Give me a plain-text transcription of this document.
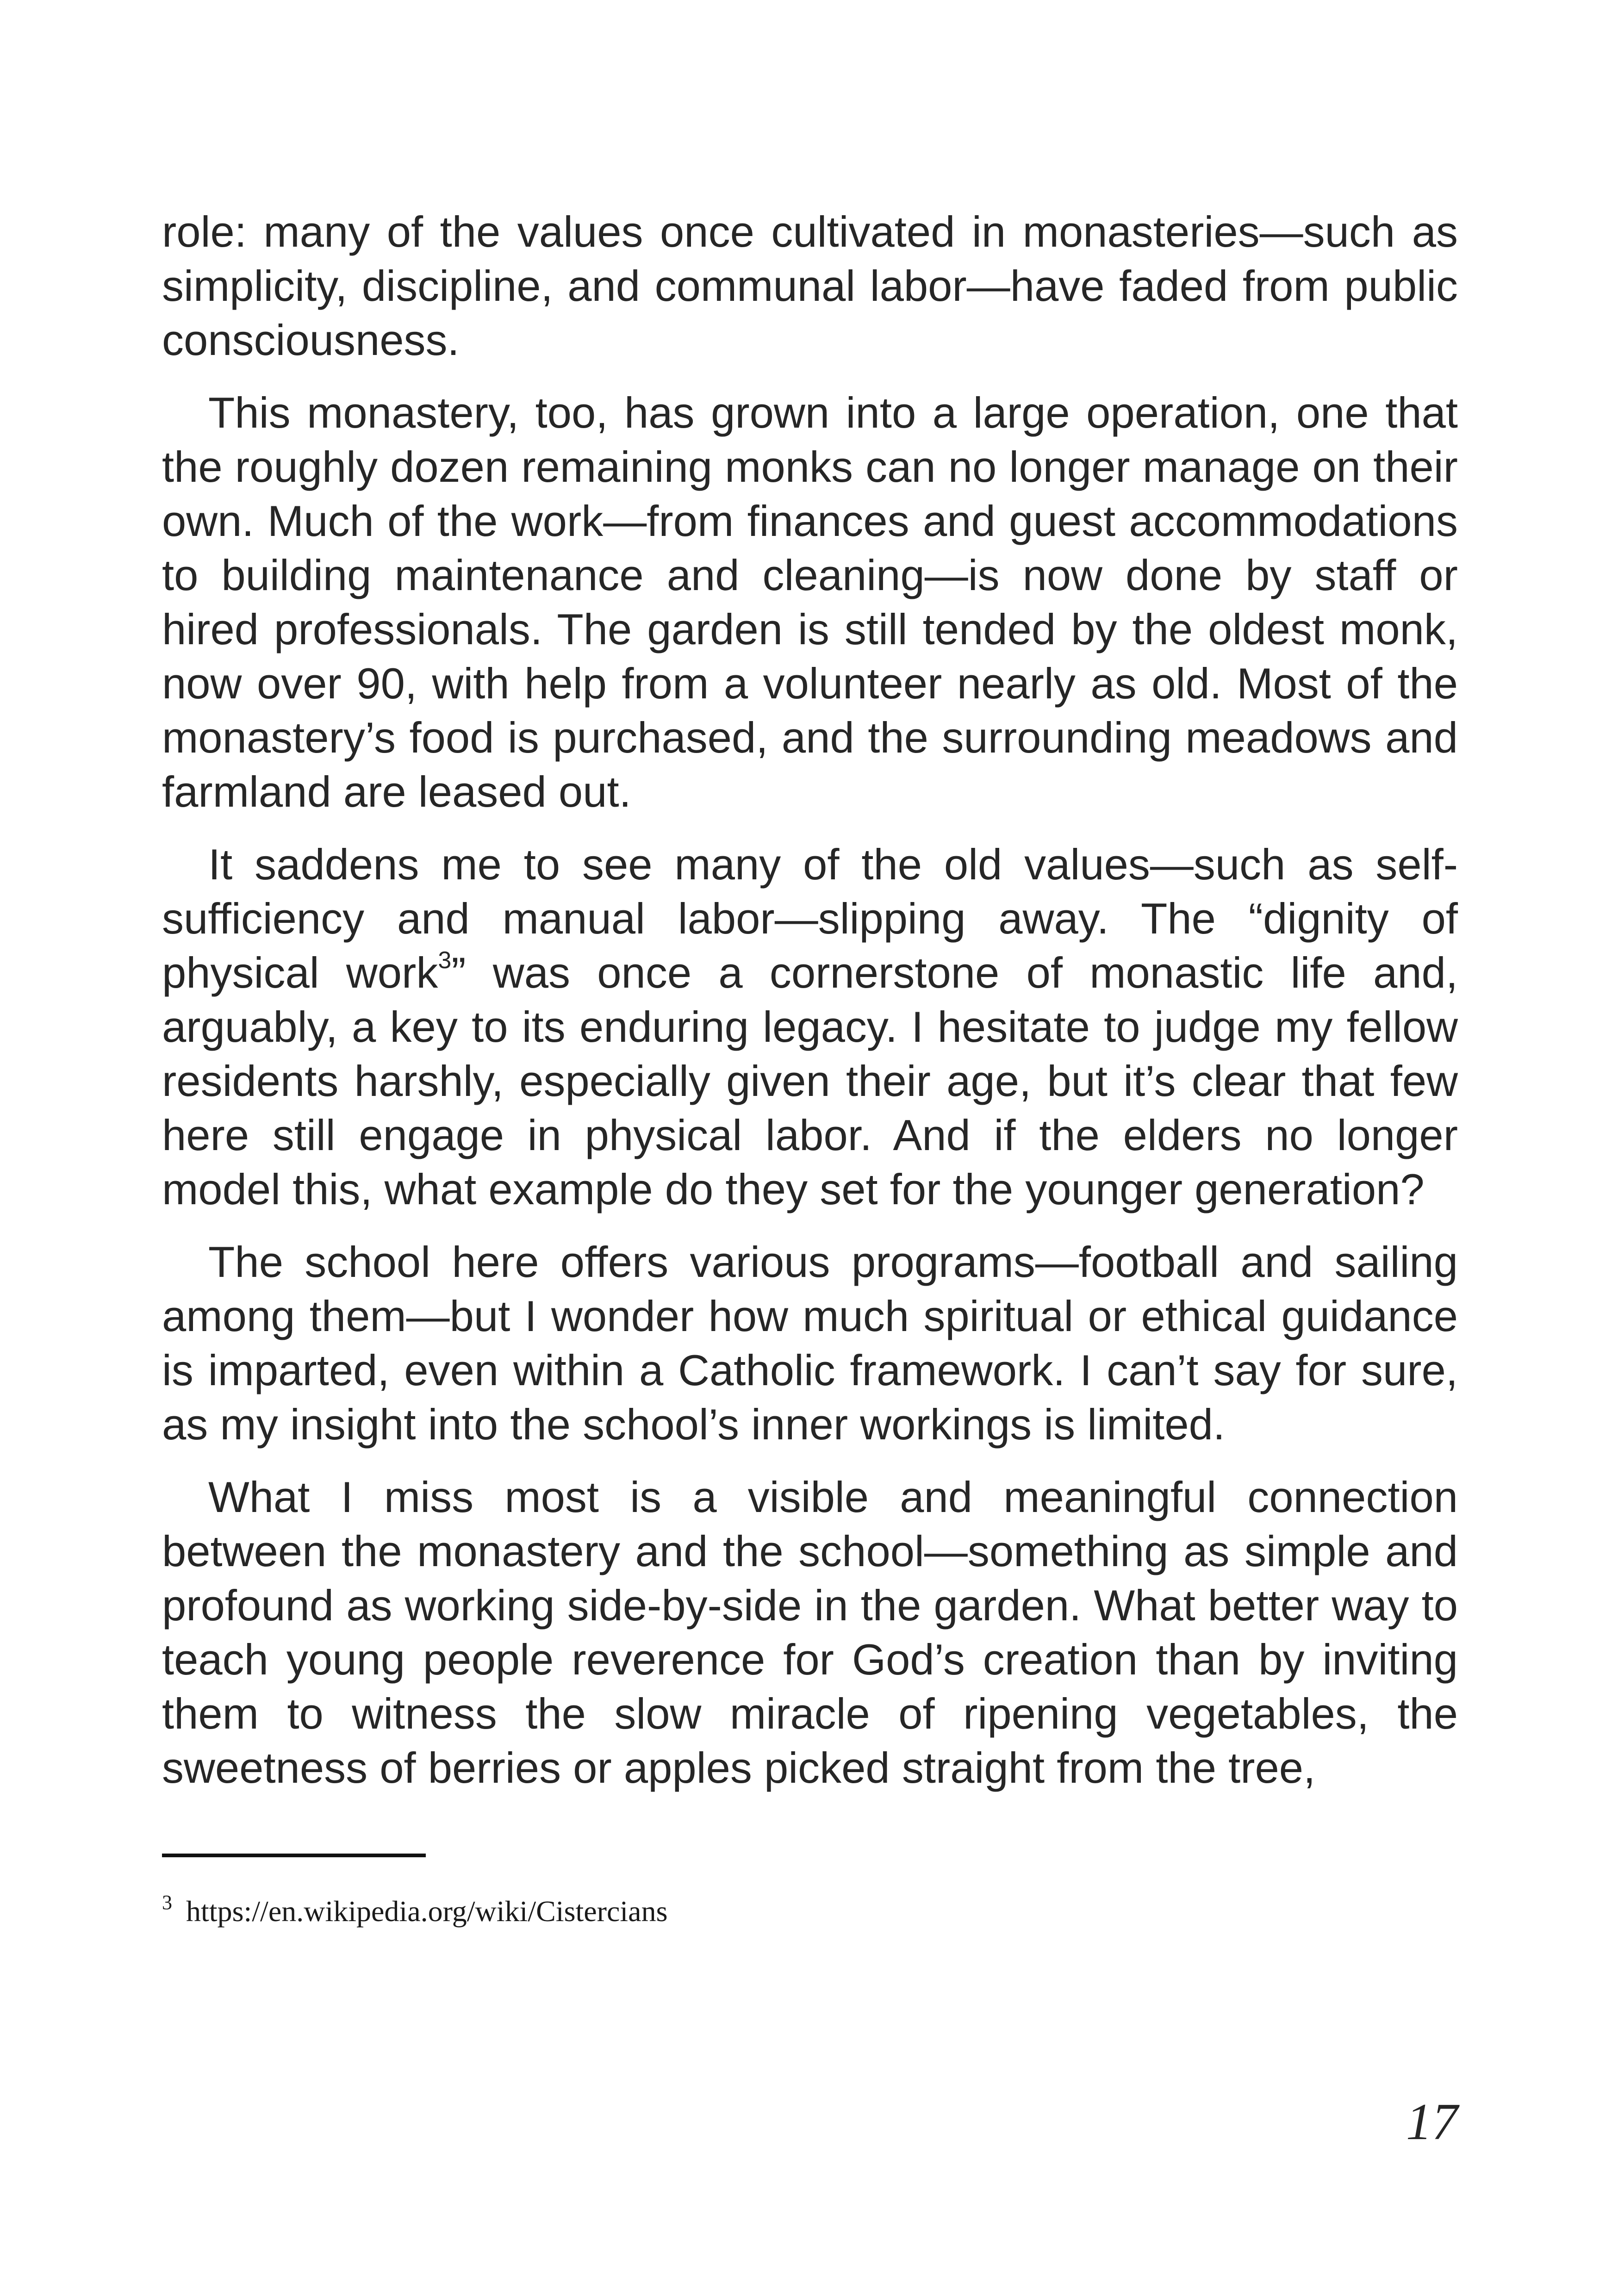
role: many of the values once cultivated in monasteries—such as simplicity, discipline, and communal labor—have faded from public consciousness.

This monastery, too, has grown into a large operation, one that the roughly dozen remaining monks can no longer manage on their own. Much of the work—from finances and guest accommodations to building maintenance and cleaning—is now done by staff or hired professionals. The garden is still tended by the oldest monk, now over 90, with help from a volunteer nearly as old. Most of the monastery’s food is purchased, and the surrounding meadows and farmland are leased out.

It saddens me to see many of the old values—such as self-sufficiency and manual labor—slipping away. The “dignity of physical work$^3$” was once a cornerstone of monastic life and, arguably, a key to its enduring legacy. I hesitate to judge my fellow residents harshly, especially given their age, but it’s clear that few here still engage in physical labor. And if the elders no longer model this, what example do they set for the younger generation?

The school here offers various programs—football and sailing among them—but I wonder how much spiritual or ethical guidance is imparted, even within a Catholic framework. I can’t say for sure, as my insight into the school’s inner workings is limited.

What I miss most is a visible and meaningful connection between the monastery and the school—something as simple and profound as working side-by-side in the garden. What better way to teach young people reverence for God’s creation than by inviting them to witness the slow miracle of ripening vegetables, the sweetness of berries or apples picked straight from the tree,

$^3$ https://en.wikipedia.org/wiki/Cistercians
17
